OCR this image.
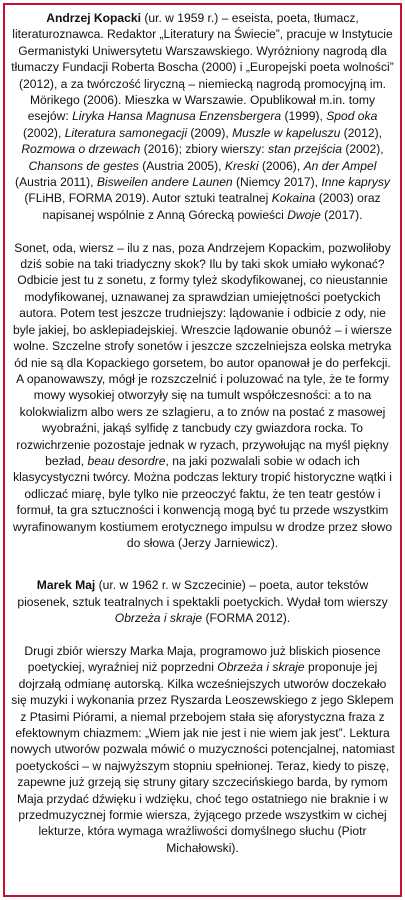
Andrzej Kopacki (ur. w 1959 r.) – eseista, poeta, tłumacz, literaturoznawca. Redaktor „Literatury na Świecie”, pracuje w Instytucie Germanistyki Uniwersytetu Warszawskiego. Wyróżniony nagrodą dla tłumaczy Fundacji Roberta Boscha (2000) i „Europejski poeta wolności” (2012), a za twórczość liryczną – niemiecką nagrodą promocyjną im. Mörikego (2006). Mieszka w Warszawie. Opublikował m.in. tomy esejów: Liryka Hansa Magnusa Enzensbergera (1999), Spod oka (2002), Literatura samonegacji (2009), Muszle w kapeluszu (2012), Rozmowa o drzewach (2016); zbiory wierszy: stan przejścia (2002), Chansons de gestes (Austria 2005), Kreski (2006), An der Ampel (Austria 2011), Bisweilen andere Launen (Niemcy 2017), Inne kaprysy (FLiHB, FORMA 2019). Autor sztuki teatralnej Kokaina (2003) oraz napisanej wspólnie z Anną Górecką powieści Dwoje (2017).

Sonet, oda, wiersz – ilu z nas, poza Andrzejem Kopackim, pozwoliłoby dziś sobie na taki triadyczny skok? Ilu by taki skok umiało wykonać? Odbicie jest tu z sonetu, z formy tyleż skodyfikowanej, co nieustannie modyfikowanej, uznawanej za sprawdzian umiejętności poetyckich autora. Potem test jeszcze trudniejszy: lądowanie i odbicie z ody, nie byle jakiej, bo asklepiadejskiej. Wreszcie lądowanie obunóż – i wiersze wolne. Szczelne strofy sonetów i jeszcze szczelniejsza eolska metryka ód nie są dla Kopackiego gorsetem, bo autor opanował je do perfekcji. A opanowawszy, mógł je rozszczelnić i poluzować na tyle, że te formy mowy wysokiej otworzyły się na tumult współczesności: a to na kolokwializm albo wers ze szlagieru, a to znów na postać z masowej wyobraźni, jakąś sylfidę z tancbudy czy gwiazdora rocka. To rozwichrzenie pozostaje jednak w ryzach, przywołując na myśl piękny bezład, beau desordre, na jaki pozwalali sobie w odach ich klasycystyczni twórcy. Można podczas lektury tropić historyczne wątki i odliczać miarę, byle tylko nie przeoczyć faktu, że ten teatr gestów i formuł, ta gra sztuczności i konwencją mogą być tu przede wszystkim wyrafinowanym kostiumem erotycznego impulsu w drodze przez słowo do słowa (Jerzy Jarniewicz).

Marek Maj (ur. w 1962 r. w Szczecinie) – poeta, autor tekstów piosenek, sztuk teatralnych i spektakli poetyckich. Wydał tom wierszy Obrzeża i skraje (FORMA 2012).

Drugi zbiór wierszy Marka Maja, programowo już bliskich piosence poetyckiej, wyraźniej niż poprzedni Obrzeża i skraje proponuje jej dojrzałą odmianę autorską. Kilka wcześniejszych utworów doczekało się muzyki i wykonania przez Ryszarda Leoszewskiego z jego Sklepem z Ptasimi Piórami, a niemal przebojem stała się aforystyczna fraza z efektownym chiazmem: „Wiem jak nie jest i nie wiem jak jest”. Lektura nowych utworów pozwala mówić o muzyczności potencjalnej, natomiast poetyckości – w najwyższym stopniu spełnionej. Teraz, kiedy to piszę, zapewne już grzeją się struny gitary szczecińskiego barda, by rymom Maja przydać dźwięku i wdzięku, choć tego ostatniego nie braknie i w przedmuzycznej formie wiersza, żyjącego przede wszystkim w cichej lekturze, która wymaga wrażliwości domyślnego słuchu (Piotr Michałowski).
